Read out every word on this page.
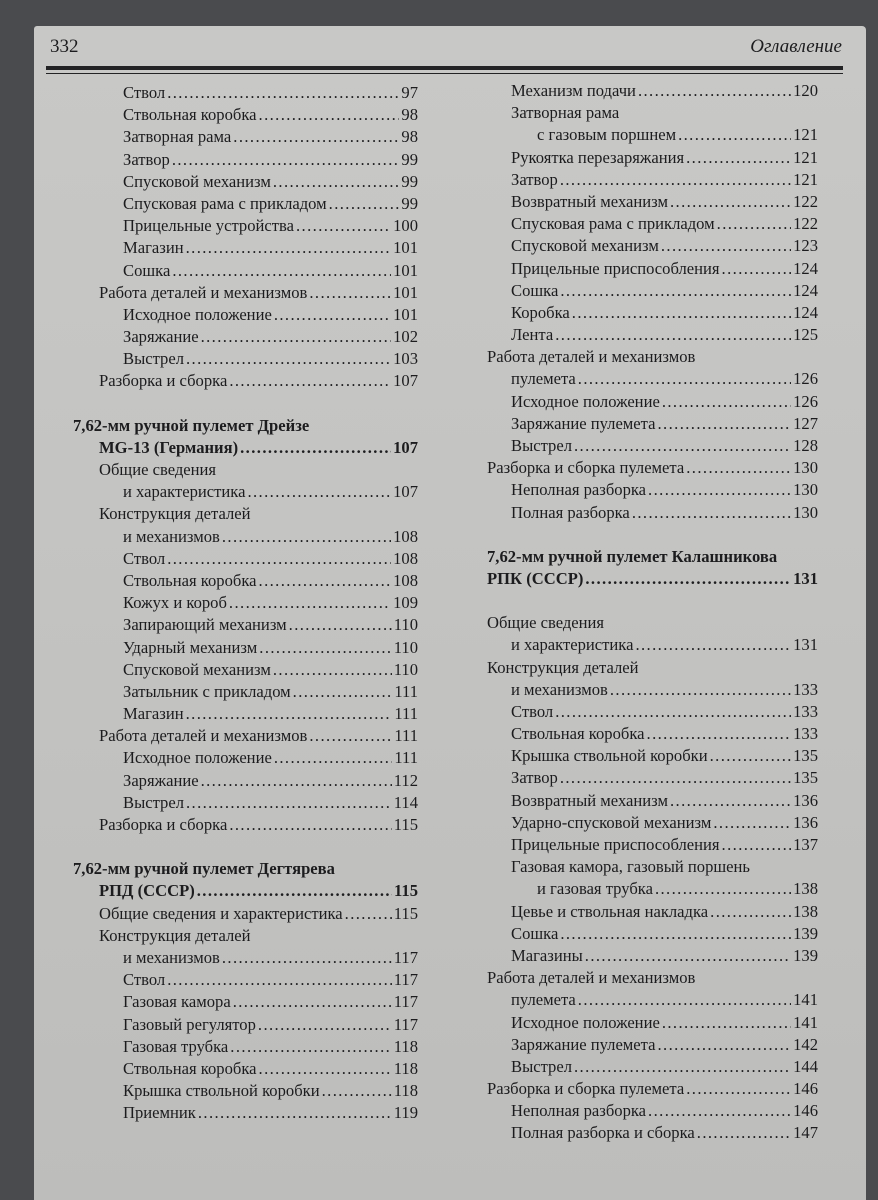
332	Оглавление
Ствол .....	97
Ствольная коробка .....	98
Затворная рама .....	98
Затвор .....	99
Спусковой механизм .....	99
Спусковая рама с прикладом .....	99
Прицельные устройства .....	100
Магазин .....	101
Сошка .....	101
Работа деталей и механизмов .....	101
Исходное положение .....	101
Заряжание .....	102
Выстрел .....	103
Разборка и сборка .....	107
7,62-мм ручной пулемет Дрейзе
MG-13 (Германия) .....	107
Общие сведения
и характеристика .....	107
Конструкция деталей
и механизмов .....	108
Ствол .....	108
Ствольная коробка .....	108
Кожух и короб .....	109
Запирающий механизм .....	110
Ударный механизм .....	110
Спусковой механизм .....	110
Затыльник с прикладом .....	111
Магазин .....	111
Работа деталей и механизмов .....	111
Исходное положение .....	111
Заряжание .....	112
Выстрел .....	114
Разборка и сборка .....	115
7,62-мм ручной пулемет Дегтярева
РПД (СССР) .....	115
Общие сведения и характеристика .....	115
Конструкция деталей
и механизмов .....	117
Ствол .....	117
Газовая камора .....	117
Газовый регулятор .....	117
Газовая трубка .....	118
Ствольная коробка .....	118
Крышка ствольной коробки .....	118
Приемник .....	119
Механизм подачи .....	120
Затворная рама
с газовым поршнем .....	121
Рукоятка перезаряжания .....	121
Затвор .....	121
Возвратный механизм .....	122
Спусковая рама с прикладом .....	122
Спусковой механизм .....	123
Прицельные приспособления .....	124
Сошка .....	124
Коробка .....	124
Лента .....	125
Работа деталей и механизмов
пулемета .....	126
Исходное положение .....	126
Заряжание пулемета .....	127
Выстрел .....	128
Разборка и сборка пулемета .....	130
Неполная разборка .....	130
Полная разборка .....	130
7,62-мм ручной пулемет Калашникова
РПК (СССР) .....	131
Общие сведения
и характеристика .....	131
Конструкция деталей
и механизмов .....	133
Ствол .....	133
Ствольная коробка .....	133
Крышка ствольной коробки .....	135
Затвор .....	135
Возвратный механизм .....	136
Ударно-спусковой механизм .....	136
Прицельные приспособления .....	137
Газовая камора, газовый поршень
и газовая трубка .....	138
Цевье и ствольная накладка .....	138
Сошка .....	139
Магазины .....	139
Работа деталей и механизмов
пулемета .....	141
Исходное положение .....	141
Заряжание пулемета .....	142
Выстрел .....	144
Разборка и сборка пулемета .....	146
Неполная разборка .....	146
Полная разборка и сборка .....	147
